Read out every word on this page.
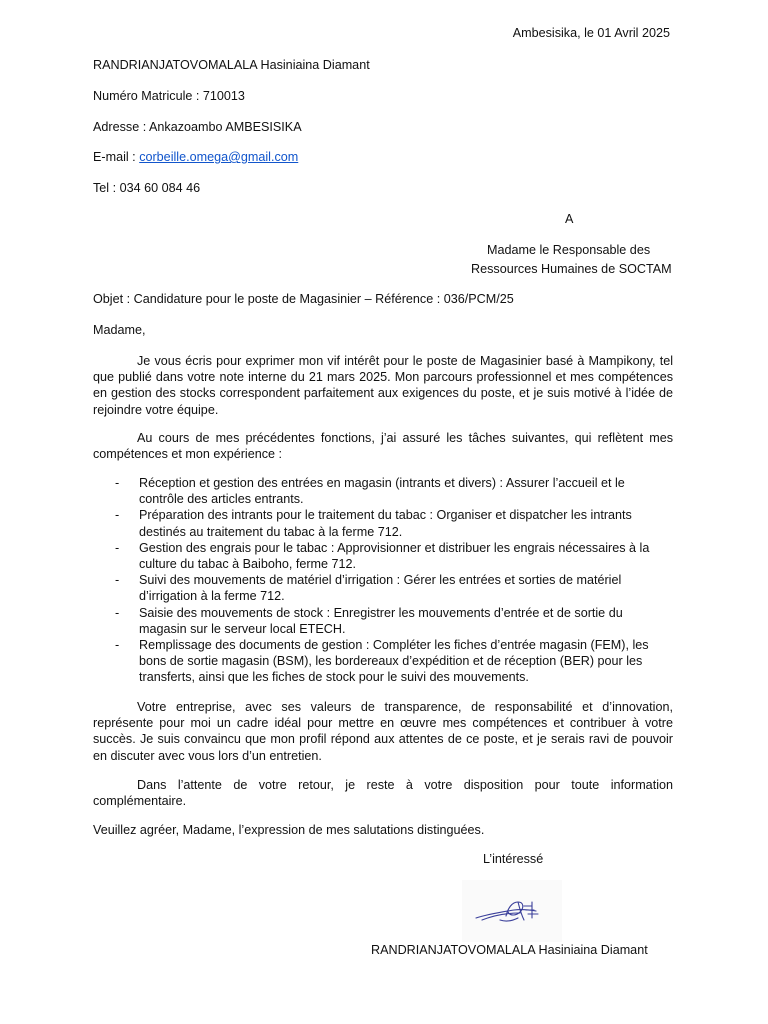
Ambesisika, le 01 Avril 2025
RANDRIANJATOVOMALALA Hasiniaina Diamant
Numéro Matricule : 710013
Adresse : Ankazoambo AMBESISIKA
E-mail : corbeille.omega@gmail.com
Tel : 034 60 084 46
A
Madame le Responsable des
Ressources Humaines de SOCTAM
Objet : Candidature pour le poste de Magasinier – Référence : 036/PCM/25
Madame,
Je vous écris pour exprimer mon vif intérêt pour le poste de Magasinier basé à Mampikony, tel que publié dans votre note interne du 21 mars 2025. Mon parcours professionnel et mes compétences en gestion des stocks correspondent parfaitement aux exigences du poste, et je suis motivé à l’idée de rejoindre votre équipe.
Au cours de mes précédentes fonctions, j’ai assuré les tâches suivantes, qui reflètent mes compétences et mon expérience :
- Réception et gestion des entrées en magasin (intrants et divers) : Assurer l’accueil et le contrôle des articles entrants.
- Préparation des intrants pour le traitement du tabac : Organiser et dispatcher les intrants destinés au traitement du tabac à la ferme 712.
- Gestion des engrais pour le tabac : Approvisionner et distribuer les engrais nécessaires à la culture du tabac à Baiboho, ferme 712.
- Suivi des mouvements de matériel d’irrigation : Gérer les entrées et sorties de matériel d’irrigation à la ferme 712.
- Saisie des mouvements de stock : Enregistrer les mouvements d’entrée et de sortie du magasin sur le serveur local ETECH.
- Remplissage des documents de gestion : Compléter les fiches d’entrée magasin (FEM), les bons de sortie magasin (BSM), les bordereaux d’expédition et de réception (BER) pour les transferts, ainsi que les fiches de stock pour le suivi des mouvements.
Votre entreprise, avec ses valeurs de transparence, de responsabilité et d’innovation, représente pour moi un cadre idéal pour mettre en œuvre mes compétences et contribuer à votre succès. Je suis convaincu que mon profil répond aux attentes de ce poste, et je serais ravi de pouvoir en discuter avec vous lors d’un entretien.
Dans l’attente de votre retour, je reste à votre disposition pour toute information complémentaire.
Veuillez agréer, Madame, l’expression de mes salutations distinguées.
L’intéressé
RANDRIANJATOVOMALALA Hasiniaina Diamant
